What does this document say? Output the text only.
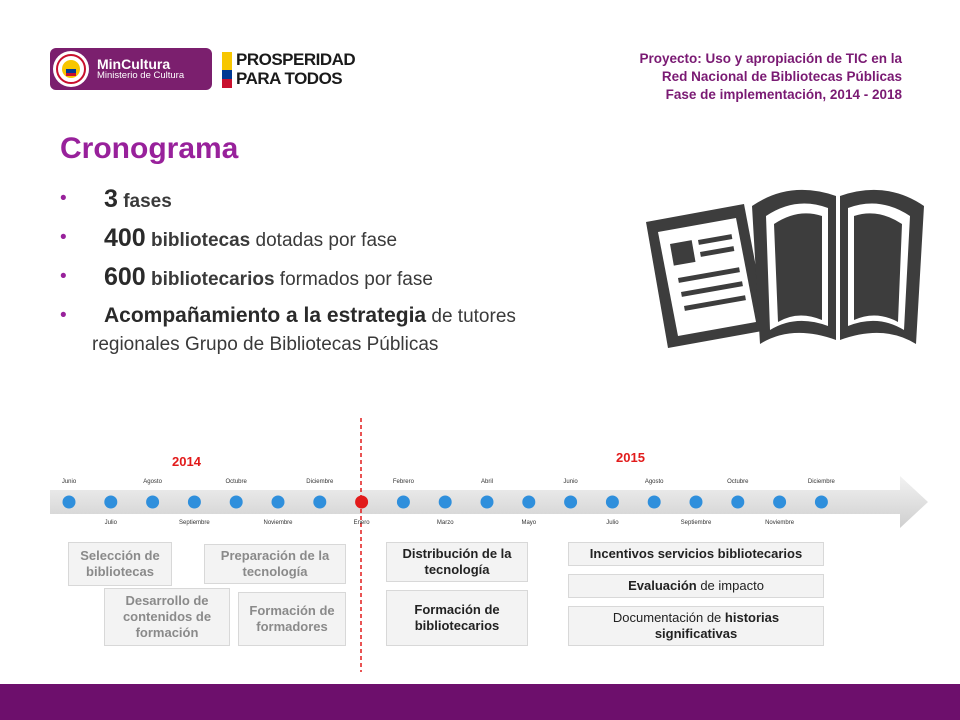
MinCultura
Ministerio de Cultura
PROSPERIDAD
PARA TODOS
Proyecto: Uso y apropiación de TIC en la
Red Nacional de Bibliotecas Públicas
Fase de implementación, 2014 - 2018
Cronograma
• 3 fases
• 400 bibliotecas dotadas por fase
• 600 bibliotecarios formados por fase
• Acompañamiento a la estrategia de tutores
regionales Grupo de Bibliotecas Públicas
Junio
Julio
Agosto
Septiembre
Octubre
Noviembre
Diciembre
Enero
Febrero
Marzo
Abril
Mayo
Junio
Julio
Agosto
Septiembre
Octubre
Noviembre
Diciembre
2014	2015
Selección de bibliotecas
Preparación de la tecnología
Desarrollo de contenidos de formación
Formación de formadores
Distribución de la tecnología
Formación de bibliotecarios
Incentivos servicios bibliotecarios
Evaluación de impacto
Documentación de historias significativas
